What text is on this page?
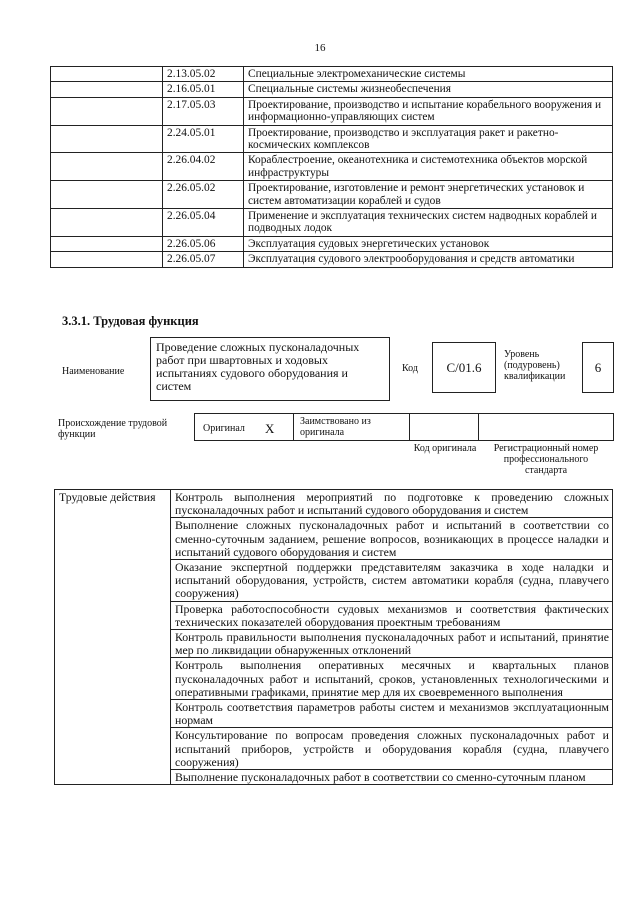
16
	2.13.05.02	Специальные электромеханические системы
	2.16.05.01	Специальные системы жизнеобеспечения
	2.17.05.03	Проектирование, производство и испытание корабельного вооружения и информационно-управляющих систем
	2.24.05.01	Проектирование, производство и эксплуатация ракет и ракетно-космических комплексов
	2.26.04.02	Кораблестроение, океанотехника и системотехника объектов морской инфраструктуры
	2.26.05.02	Проектирование, изготовление и ремонт энергетических установок и систем автоматизации кораблей и судов
	2.26.05.04	Применение и эксплуатация технических систем надводных кораблей и подводных лодок
	2.26.05.06	Эксплуатация судовых энергетических установок
	2.26.05.07	Эксплуатация судового электрооборудования и средств автоматики
3.3.1. Трудовая функция
Наименование
Проведение сложных пусконаладочных работ при швартовных и ходовых испытаниях судового оборудования и систем
Код	C/01.6
Уровень (подуровень) квалификации
6
Происхождение трудовой функции
Оригинал X	Заимствовано из оригинала
Код оригинала	Регистрационный номер профессионального стандарта
Трудовые действия	Контроль выполнения мероприятий по подготовке к проведению сложных пусконаладочных работ и испытаний судового оборудования и систем
Выполнение сложных пусконаладочных работ и испытаний в соответствии со сменно-суточным заданием, решение вопросов, возникающих в процессе наладки и испытаний судового оборудования и систем
Оказание экспертной поддержки представителям заказчика в ходе наладки и испытаний оборудования, устройств, систем автоматики корабля (судна, плавучего сооружения)
Проверка работоспособности судовых механизмов и соответствия фактических технических показателей оборудования проектным требованиям
Контроль правильности выполнения пусконаладочных работ и испытаний, принятие мер по ликвидации обнаруженных отклонений
Контроль выполнения оперативных месячных и квартальных планов пусконаладочных работ и испытаний, сроков, установленных технологическими и оперативными графиками, принятие мер для их своевременного выполнения
Контроль соответствия параметров работы систем и механизмов эксплуатационным нормам
Консультирование по вопросам проведения сложных пусконаладочных работ и испытаний приборов, устройств и оборудования корабля (судна, плавучего сооружения)
Выполнение пусконаладочных работ в соответствии со сменно-суточным планом
